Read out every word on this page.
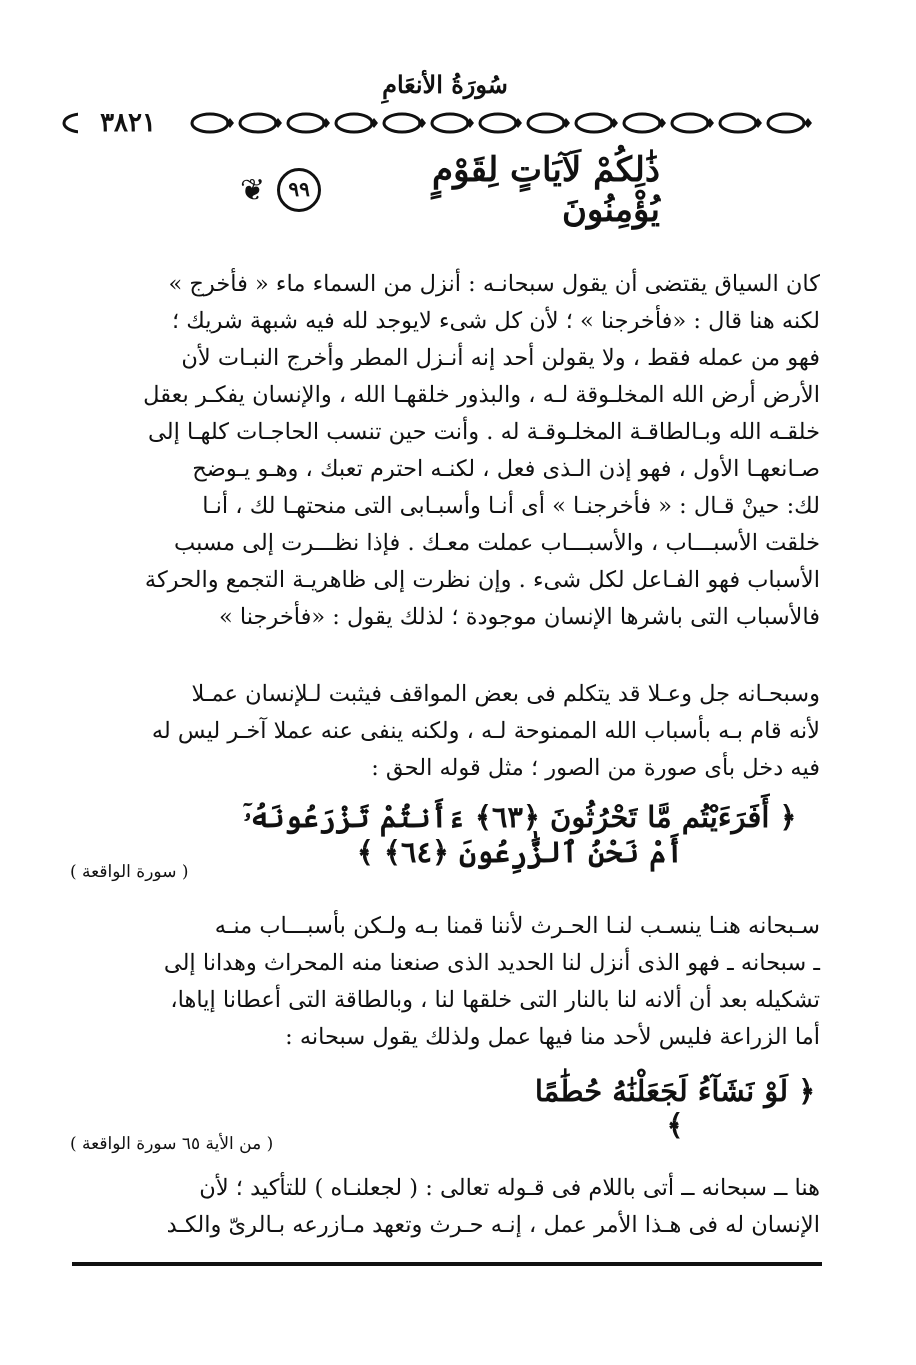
سُورَةُ الأنعَامِ
٣٨٢١
ذَٰلِكُمْ لَآيَاتٍ لِقَوْمٍ يُؤْمِنُونَ
٩٩
❦

كان السياق يقتضى أن يقول سبحانـه : أنزل من السماء ماء « فأخرج »

لكنه هنا قال : «فأخرجنا » ؛ لأن كل شىء لايوجد لله فيه شبهة شريك ؛

فهو من عمله فقط ، ولا يقولن أحد إنه أنـزل المطر وأخرج النبـات لأن

الأرض أرض الله المخلـوقة لـه ، والبذور خلقهـا الله ، والإنسان يفكـر بعقل

خلقـه الله وبـالطاقـة المخلـوقـة له . وأنت حين تنسب الحاجـات كلهـا إلى

صـانعهـا الأول ، فهو إذن الـذى فعل ، لكنـه احترم تعبك ، وهـو يـوضح

لك: حينْ قـال : « فأخرجنـا » أى أنـا وأسبـابى التى منحتهـا لك ، أنـا

خلقت الأسبـــاب ، والأسبـــاب عملت معـك . فإذا نظـــرت إلى مسبب

الأسباب فهو الفـاعل لكل شىء . وإن نظرت إلى ظاهريـة التجمع والحركة

فالأسباب التى باشرها الإنسان موجودة ؛ لذلك يقول : «فأخرجنا »

وسبحـانه جل وعـلا قد يتكلم فى بعض المواقف فيثبت لـلإنسان عمـلا

لأنه قام بـه بأسباب الله الممنوحة لـه ، ولكنه ينفى عنه عملا آخـر ليس له

فيه دخل بأى صورة من الصور ؛ مثل قوله الحق :

﴿ أَفَرَءَيْتُم مَّا تَحْرُثُونَ ﴿٦٣﴾ ءَأَنتُمْ تَزْرَعُونَهُۥٓ أَمْ نَحْنُ ٱلزَّٰرِعُونَ ﴿٦٤﴾ ﴾
( سورة الواقعة )

سـبحانه هنـا ينسـب لنـا الحـرث لأننا قمنا بـه ولـكن بأسبـــاب منـه

ـ سبحانه ـ فهو الذى أنزل لنا الحديد الذى صنعنا منه المحراث وهدانا إلى

تشكيله بعد أن ألانه لنا بالنار التى خلقها لنا ، وبالطاقة التى أعطانا إياها،

أما الزراعة فليس لأحد منا فيها عمل ولذلك يقول سبحانه :

﴿ لَوْ نَشَآءُ لَجَعَلْنَٰهُ حُطَٰمًا ﴾
( من الأية ٦٥ سورة الواقعة )

هنا ــ سبحانه ــ أتى باللام فى قـوله تعالى : ( لجعلنـاه ) للتأكيد ؛ لأن

الإنسان له فى هـذا الأمر عمل ، إنـه حـرث وتعهد مـازرعه بـالرىّ والكـد
